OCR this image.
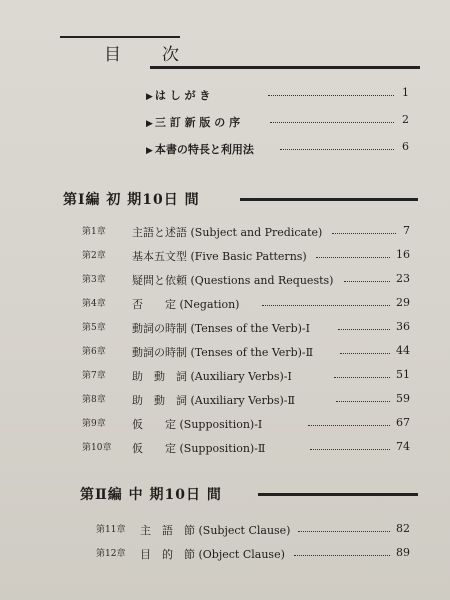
目 次
▶ は し が き	1
▶ 三 訂 新 版 の 序	2
▶ 本書の特長と利用法	6
第Ⅰ編 初 期10日 間
第1章 主語と述語 (Subject and Predicate)	7
第2章 基本五文型 (Five Basic Patterns)	16
第3章 疑問と依頼 (Questions and Requests)	23
第4章 否　　定 (Negation)	29
第5章 動詞の時制 (Tenses of the Verb)-Ⅰ	36
第6章 動詞の時制 (Tenses of the Verb)-Ⅱ	44
第7章 助　動　詞 (Auxiliary Verbs)-Ⅰ	51
第8章 助　動　詞 (Auxiliary Verbs)-Ⅱ	59
第9章 仮　　定 (Supposition)-Ⅰ	67
第10章 仮　　定 (Supposition)-Ⅱ	74
第Ⅱ編 中 期10日 間
第11章 主　語　節 (Subject Clause)	82
第12章 目　的　節 (Object Clause)	89
